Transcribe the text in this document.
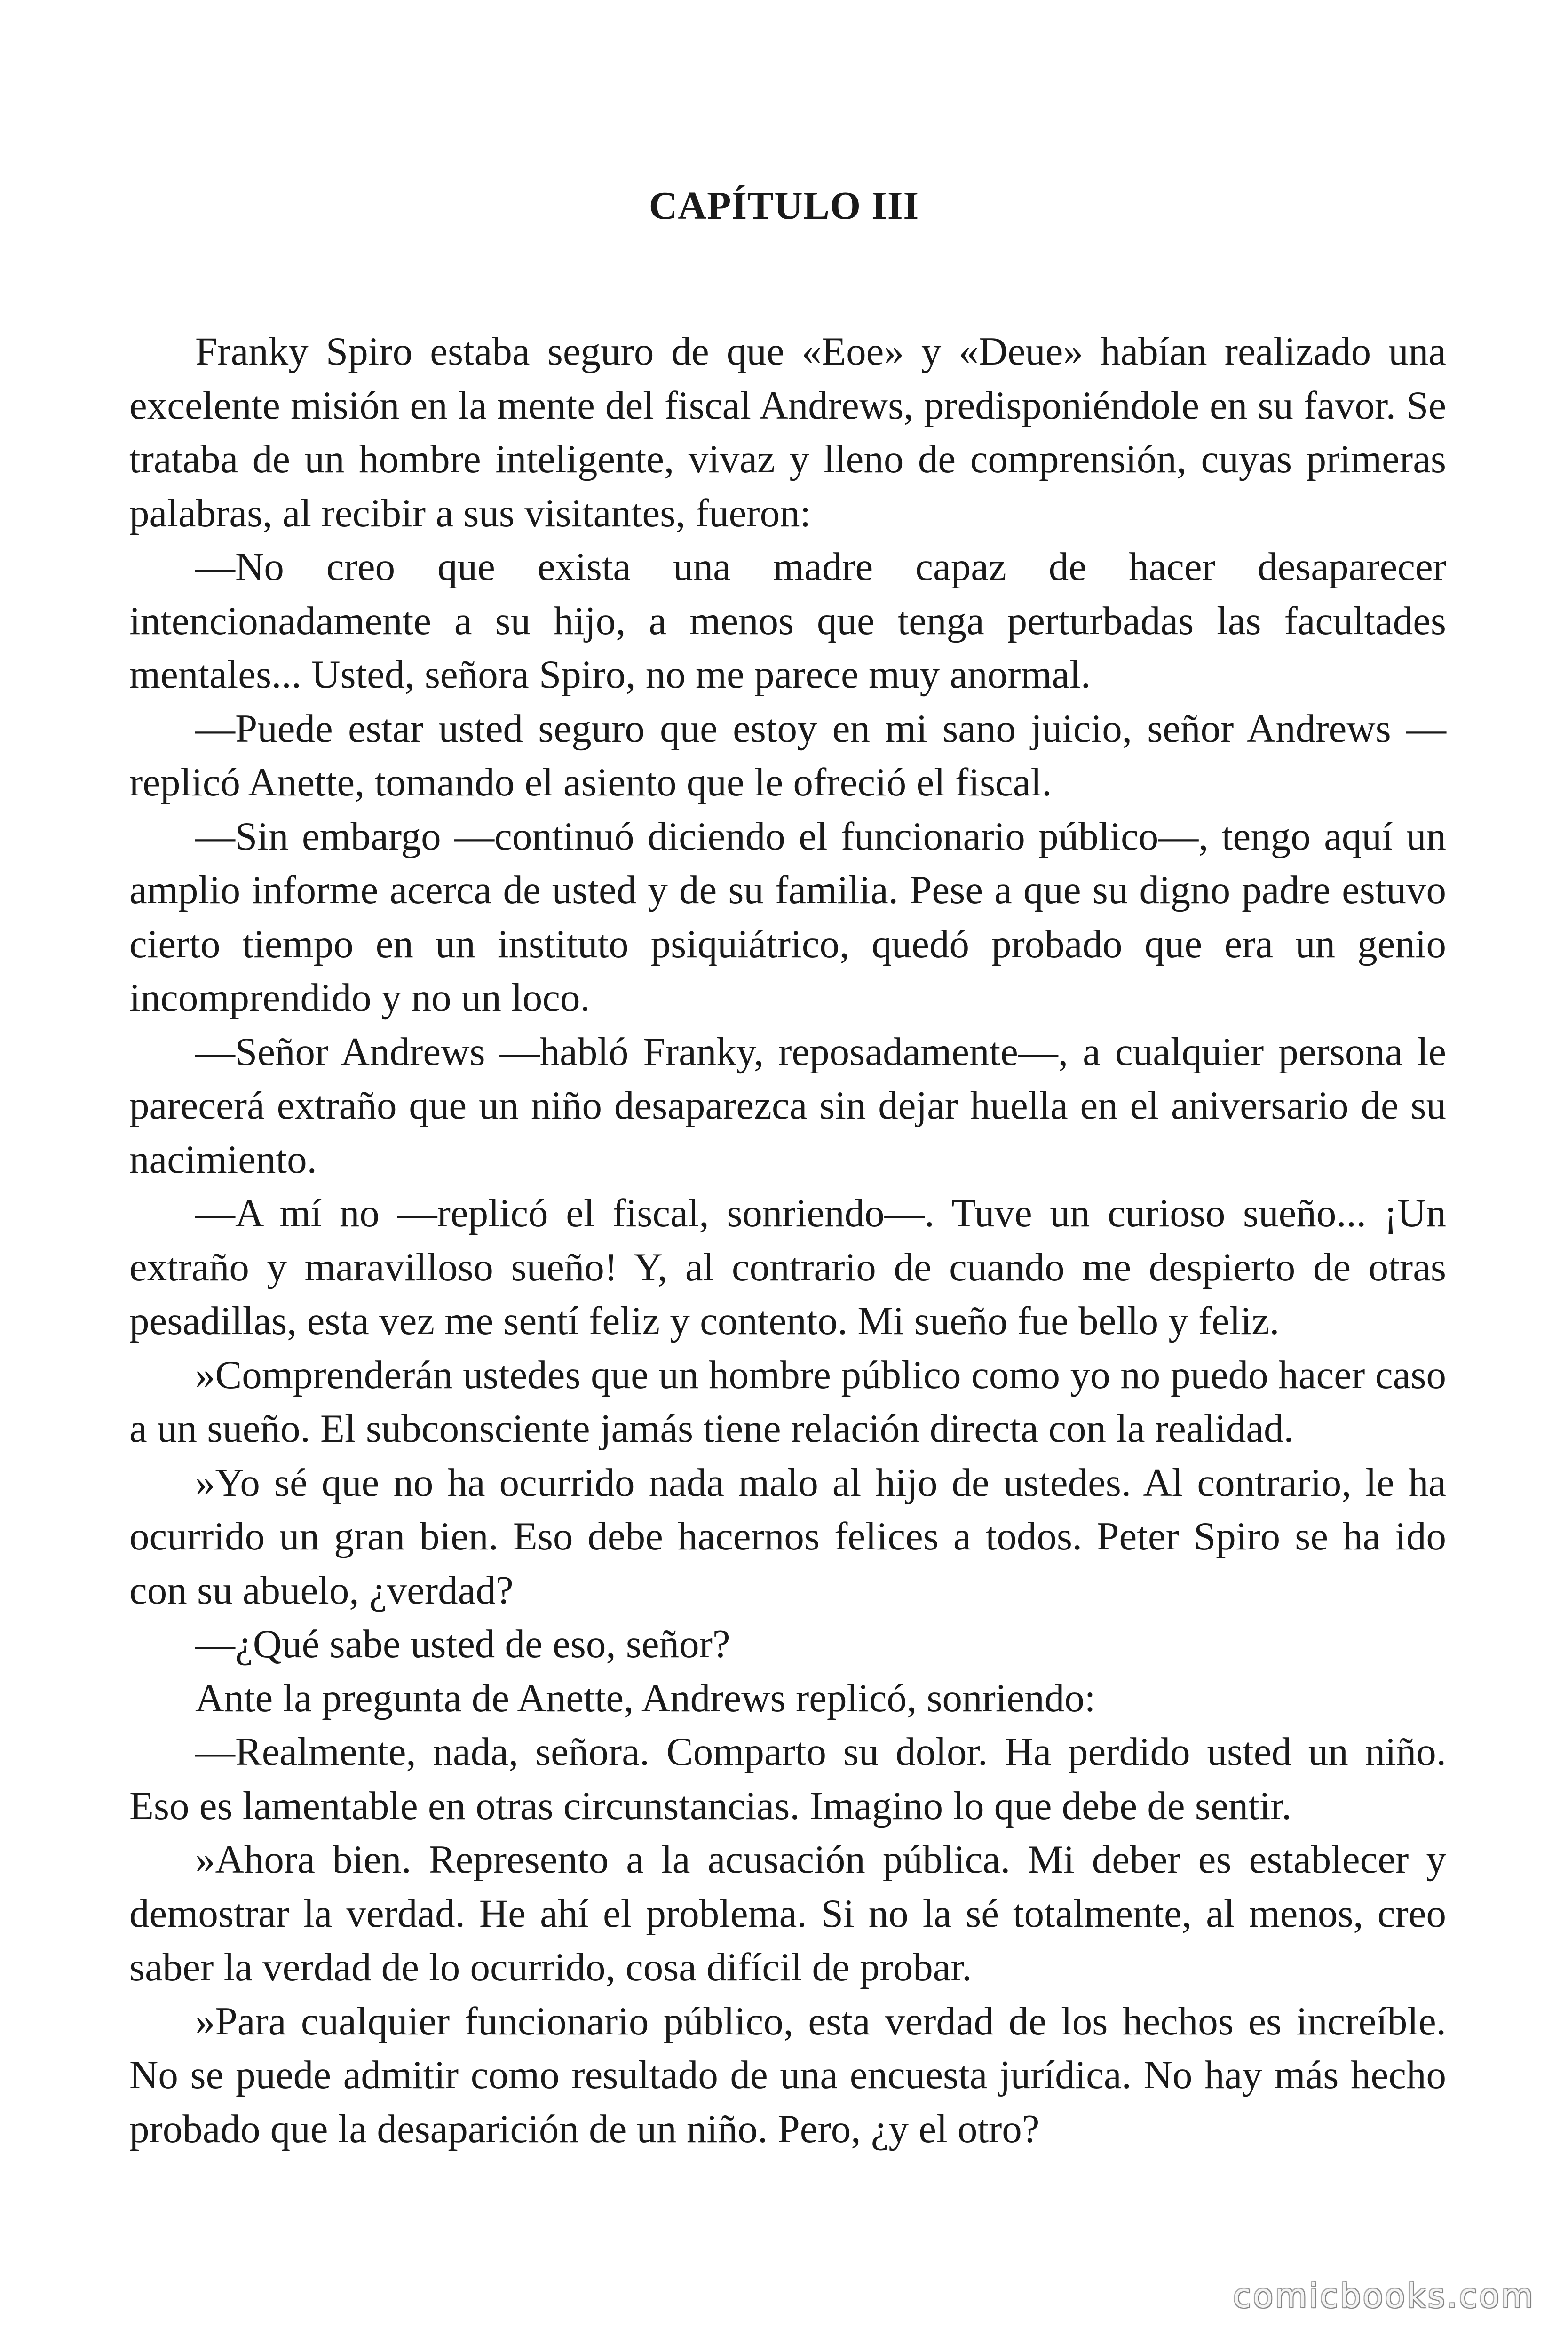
CAPÍTULO III

Franky Spiro estaba seguro de que «Eoe» y «Deue» habían realizado una excelente misión en la mente del fiscal Andrews, predisponiéndole en su favor. Se trataba de un hombre inteligente, vivaz y lleno de comprensión, cuyas primeras palabras, al recibir a sus visitantes, fueron:

—No creo que exista una madre capaz de hacer desaparecer intencionadamente a su hijo, a menos que tenga perturbadas las facultades mentales... Usted, señora Spiro, no me parece muy anormal.

—Puede estar usted seguro que estoy en mi sano juicio, señor Andrews —replicó Anette, tomando el asiento que le ofreció el fiscal.

—Sin embargo —continuó diciendo el funcionario público—, tengo aquí un amplio informe acerca de usted y de su familia. Pese a que su digno padre estuvo cierto tiempo en un instituto psiquiátrico, quedó probado que era un genio incomprendido y no un loco.

—Señor Andrews —habló Franky, reposadamente—, a cualquier persona le parecerá extraño que un niño desaparezca sin dejar huella en el aniversario de su nacimiento.

—A mí no —replicó el fiscal, sonriendo—. Tuve un curioso sueño... ¡Un extraño y maravilloso sueño! Y, al contrario de cuando me despierto de otras pesadillas, esta vez me sentí feliz y contento. Mi sueño fue bello y feliz.

»Comprenderán ustedes que un hombre público como yo no puedo hacer caso a un sueño. El subconsciente jamás tiene relación directa con la realidad.

»Yo sé que no ha ocurrido nada malo al hijo de ustedes. Al contrario, le ha ocurrido un gran bien. Eso debe hacernos felices a todos. Peter Spiro se ha ido con su abuelo, ¿verdad?

—¿Qué sabe usted de eso, señor?

Ante la pregunta de Anette, Andrews replicó, sonriendo:

—Realmente, nada, señora. Comparto su dolor. Ha perdido usted un niño. Eso es lamentable en otras circunstancias. Imagino lo que debe de sentir.

»Ahora bien. Represento a la acusación pública. Mi deber es establecer y demostrar la verdad. He ahí el problema. Si no la sé totalmente, al menos, creo saber la verdad de lo ocurrido, cosa difícil de probar.

»Para cualquier funcionario público, esta verdad de los hechos es increíble. No se puede admitir como resultado de una encuesta jurídica. No hay más hecho probado que la desaparición de un niño. Pero, ¿y el otro?

comicbooks.com
